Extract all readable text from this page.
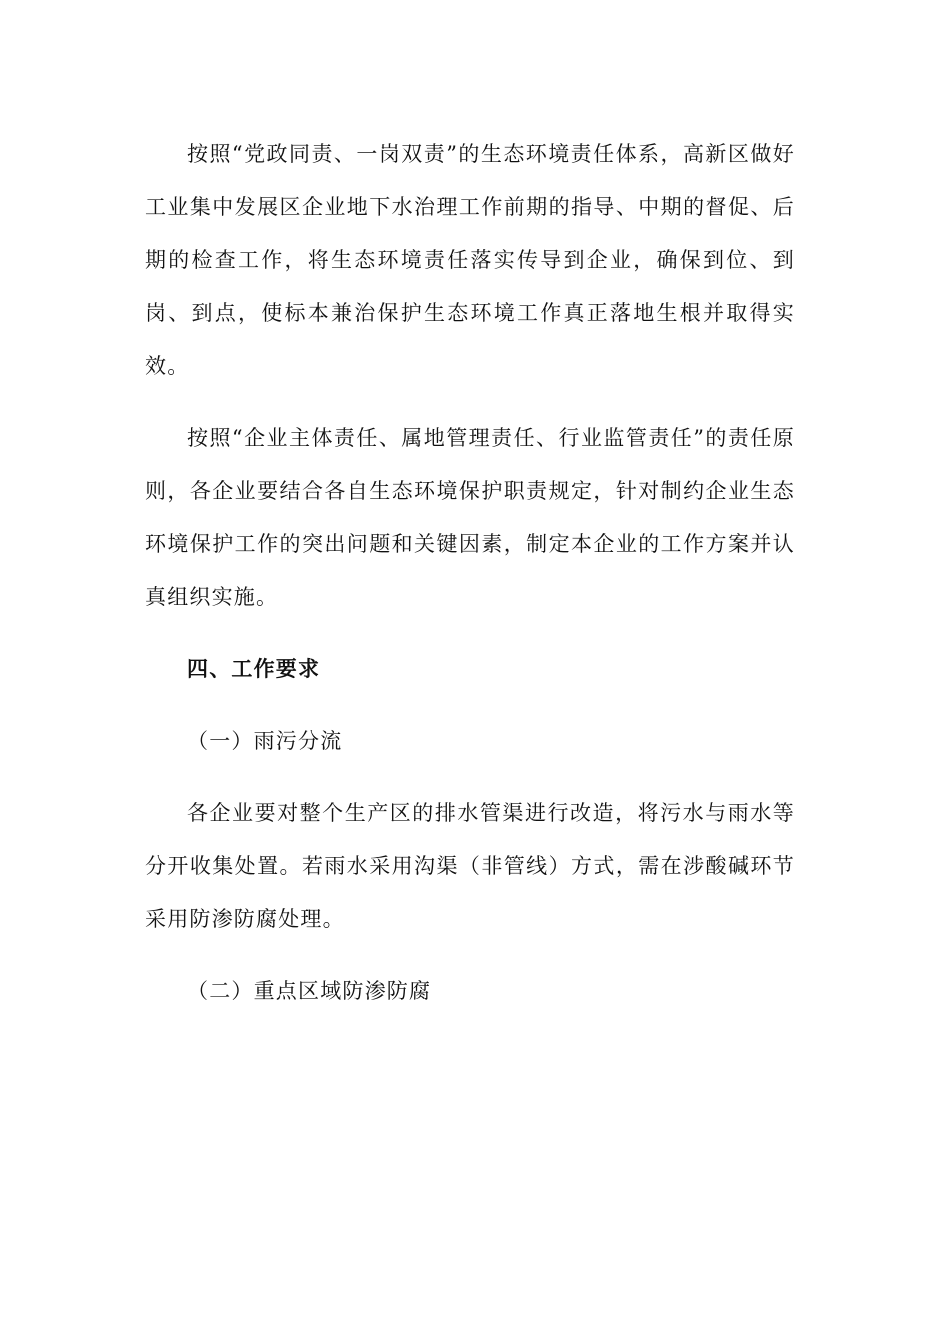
按照“党政同责、一岗双责”的生态环境责任体系，高新区做好工业集中发展区企业地下水治理工作前期的指导、中期的督促、后期的检查工作，将生态环境责任落实传导到企业，确保到位、到岗、到点，使标本兼治保护生态环境工作真正落地生根并取得实效。

按照“企业主体责任、属地管理责任、行业监管责任”的责任原则，各企业要结合各自生态环境保护职责规定，针对制约企业生态环境保护工作的突出问题和关键因素，制定本企业的工作方案并认真组织实施。

四、工作要求

（一）雨污分流

各企业要对整个生产区的排水管渠进行改造，将污水与雨水等分开收集处置。若雨水采用沟渠（非管线）方式，需在涉酸碱环节采用防渗防腐处理。

（二）重点区域防渗防腐
